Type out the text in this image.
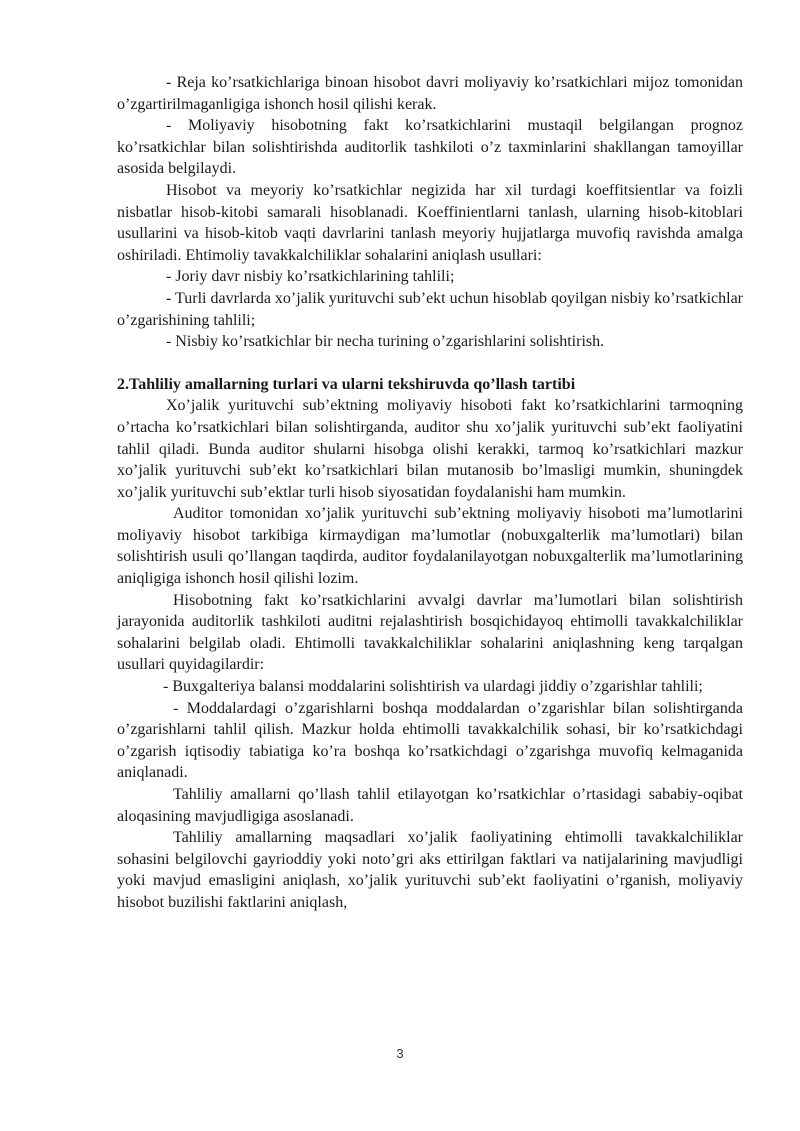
- Reja ko’rsatkichlariga binoan hisobot davri moliyaviy ko’rsatkichlari mijoz tomonidan o’zgartirilmaganligiga ishonch hosil qilishi kerak.

- Moliyaviy hisobotning fakt ko’rsatkichlarini mustaqil belgilangan prognoz ko’rsatkichlar bilan solishtirishda auditorlik tashkiloti o’z taxminlarini shakllangan tamoyillar asosida belgilaydi.

Hisobot va meyoriy ko’rsatkichlar negizida har xil turdagi koeffitsientlar va foizli nisbatlar hisob-kitobi samarali hisoblanadi. Koeffinientlarni tanlash, ularning hisob-kitoblari usullarini va hisob-kitob vaqti davrlarini tanlash meyoriy hujjatlarga muvofiq ravishda amalga oshiriladi. Ehtimoliy tavakkalchiliklar sohalarini aniqlash usullari:

- Joriy davr nisbiy ko’rsatkichlarining tahlili;

- Turli davrlarda xo’jalik yurituvchi sub’ekt uchun hisoblab qoyilgan nisbiy ko’rsatkichlar o’zgarishining tahlili;

- Nisbiy ko’rsatkichlar bir necha turining o’zgarishlarini solishtirish.

2.Tahliliy amallarning turlari va ularni tekshiruvda qo’llash tartibi

Xo’jalik yurituvchi sub’ektning moliyaviy hisoboti fakt ko’rsatkichlarini tarmoqning o’rtacha ko’rsatkichlari bilan solishtirganda, auditor shu xo’jalik yurituvchi sub’ekt faoliyatini tahlil qiladi. Bunda auditor shularni hisobga olishi kerakki, tarmoq ko’rsatkichlari mazkur xo’jalik yurituvchi sub’ekt ko’rsatkichlari bilan mutanosib bo’lmasligi mumkin, shuningdek xo’jalik yurituvchi sub’ektlar turli hisob siyosatidan foydalanishi ham mumkin.

Auditor tomonidan xo’jalik yurituvchi sub’ektning moliyaviy hisoboti ma’lumotlarini moliyaviy hisobot tarkibiga kirmaydigan ma’lumotlar (nobuxgalterlik ma’lumotlari) bilan solishtirish usuli qo’llangan taqdirda, auditor foydalanilayotgan nobuxgalterlik ma’lumotlarining aniqligiga ishonch hosil qilishi lozim.

Hisobotning fakt ko’rsatkichlarini avvalgi davrlar ma’lumotlari bilan solishtirish jarayonida auditorlik tashkiloti auditni rejalashtirish bosqichidayoq ehtimolli tavakkalchiliklar sohalarini belgilab oladi. Ehtimolli tavakkalchiliklar sohalarini aniqlashning keng tarqalgan usullari quyidagilardir:

- Buxgalteriya balansi moddalarini solishtirish va ulardagi jiddiy o’zgarishlar tahlili;

- Moddalardagi o’zgarishlarni boshqa moddalardan o’zgarishlar bilan solishtirganda o’zgarishlarni tahlil qilish. Mazkur holda ehtimolli tavakkalchilik sohasi, bir ko’rsatkichdagi o’zgarish iqtisodiy tabiatiga ko’ra boshqa ko’rsatkichdagi o’zgarishga muvofiq kelmaganida aniqlanadi.

Tahliliy amallarni qo’llash tahlil etilayotgan ko’rsatkichlar o’rtasidagi sababiy-oqibat aloqasining mavjudligiga asoslanadi.

Tahliliy amallarning maqsadlari xo’jalik faoliyatining ehtimolli tavakkalchiliklar sohasini belgilovchi gayrioddiy yoki noto’gri aks ettirilgan faktlari va natijalarining mavjudligi yoki mavjud emasligini aniqlash, xo’jalik yurituvchi sub’ekt faoliyatini o’rganish, moliyaviy hisobot buzilishi faktlarini aniqlash,

3
